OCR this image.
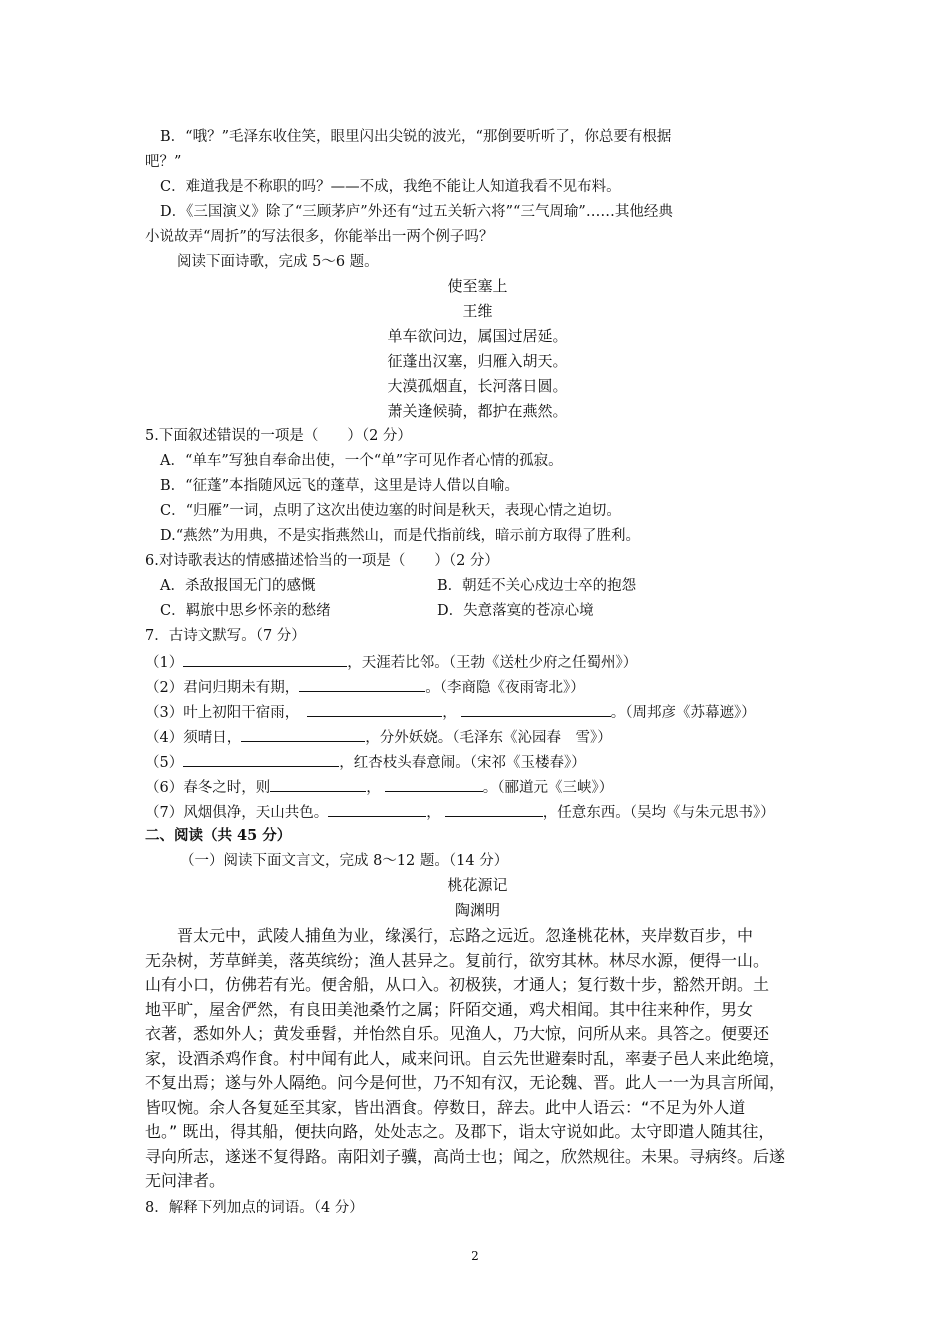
B．“哦？”毛泽东收住笑，眼里闪出尖锐的波光，“那倒要听听了，你总要有根据
吧？”
C．难道我是不称职的吗？——不成，我绝不能让人知道我看不见布料。
D．《三国演义》除了“三顾茅庐”外还有“过五关斩六将”“三气周瑜”……其他经典
小说故弄“周折”的写法很多，你能举出一两个例子吗？
阅读下面诗歌，完成 5～6 题。
使至塞上
王维
单车欲问边，属国过居延。
征蓬出汉塞，归雁入胡天。
大漠孤烟直，长河落日圆。
萧关逢候骑，都护在燕然。
5.下面叙述错误的一项是（　　）（2 分）
A．“单车”写独自奉命出使，一个“单”字可见作者心情的孤寂。
B．“征蓬”本指随风远飞的蓬草，这里是诗人借以自喻。
C．“归雁”一词，点明了这次出使边塞的时间是秋天，表现心情之迫切。
D.“燕然”为用典，不是实指燕然山，而是代指前线，暗示前方取得了胜利。
6.对诗歌表达的情感描述恰当的一项是（　　）（2 分）
A．杀敌报国无门的感慨	B．朝廷不关心戍边士卒的抱怨
C．羁旅中思乡怀亲的愁绪	D．失意落寞的苍凉心境
7．古诗文默写。（7 分）
（1）	，天涯若比邻。（王勃《送杜少府之任蜀州》）
（2）君问归期未有期，	。（李商隐《夜雨寄北》）
（3）叶上初阳干宿雨，	，	。（周邦彦《苏幕遮》）
（4）须晴日，	，分外妖娆。（毛泽东《沁园春　雪》）
（5）	，红杏枝头春意闹。（宋祁《玉楼春》）
（6）春冬之时，则	，	。（郦道元《三峡》）
（7）风烟俱净，天山共色。	，	，任意东西。（吴均《与朱元思书》）
二、阅读（共 45 分）
（一）阅读下面文言文，完成 8～12 题。（14 分）
桃花源记
陶渊明
晋太元中，武陵人捕鱼为业，缘溪行，忘路之远近。忽逢桃花林，夹岸数百步，中
无杂树，芳草鲜美，落英缤纷；渔人甚异之。复前行，欲穷其林。林尽水源，便得一山。
山有小口，仿佛若有光。便舍船，从口入。初极狭，才通人；复行数十步，豁然开朗。土
地平旷，屋舍俨然，有良田美池桑竹之属；阡陌交通，鸡犬相闻。其中往来种作，男女
衣著，悉如外人；黄发垂髫，并怡然自乐。见渔人，乃大惊，问所从来。具答之。便要还
家，设酒杀鸡作食。村中闻有此人，咸来问讯。自云先世避秦时乱，率妻子邑人来此绝境，
不复出焉；遂与外人隔绝。问今是何世，乃不知有汉，无论魏、晋。此人一一为具言所闻，
皆叹惋。余人各复延至其家，皆出酒食。停数日，辞去。此中人语云：“不足为外人道
也。” 既出，得其船，便扶向路，处处志之。及郡下，诣太守说如此。太守即遣人随其往，
寻向所志，遂迷不复得路。南阳刘子骥，高尚士也；闻之，欣然规往。未果。寻病终。后遂
无问津者。
8．解释下列加点的词语。（4 分）
2
